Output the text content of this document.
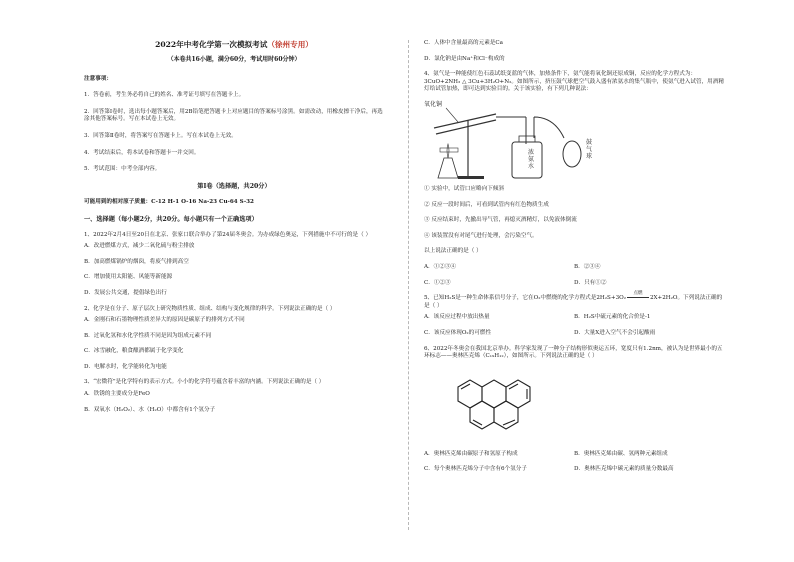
2022年中考化学第一次模拟考试（徐州专用）
（本卷共16小题，满分60分，考试用时60分钟）
注意事项：
1．答卷前，考生务必将自己的姓名、准考证号填写在答题卡上。
2．回答第Ⅰ卷时，选出每小题答案后，用2B铅笔把答题卡上对应题目的答案标号涂黑。如需改动，用橡皮擦干净后，再选涂其他答案标号。写在本试卷上无效。
3．回答第Ⅱ卷时，将答案写在答题卡上。写在本试卷上无效。
4．考试结束后，将本试卷和答题卡一并交回。
5．考试范围：中考全部内容。
第Ⅰ卷（选择题，共20分）
可能用到的相对原子质量：C-12 H-1 O-16 Na-23 Cu-64 S-32
一、选择题（每小题2分，共20分。每小题只有一个正确选项）
1、2022年2月4日至20日在北京、张家口联合举办了第24届冬奥会。为办成绿色奥运，下列措施中不可行的是（ ）
A．改进燃煤方式，减少二氧化硫与粉尘排放
B．加高燃煤锅炉的烟囱，将废气排到高空
C．增加使用太阳能、风能等新能源
D．发展公共交通，提倡绿色出行
2、化学是在分子、原子层次上研究物质性质、组成、结构与变化规律的科学。下列说法正确的是（ ）
A．金刚石和石墨物理性质差异大的原因是碳原子的排列方式不同
B．过氧化氢和水化学性质不同是因为组成元素不同
C．冰雪融化，粮食酿酒都属于化学变化
D．电解水时，化学能转化为电能
3、“宏微符”是化学特有的表示方式。小小的化学符号蕴含着丰富的内涵。下列说法正确的是（ ）
A．铁锈的主要成分是FeO
B．双氧水（H₂O₂）、水（H₂O）中都含有1个氢分子
C．人体中含量最高的元素是Ca
D．氯化钠是由Na⁺和Cl⁻构成的
4、氨气是一种能使红色石蕊试纸变蓝的气体，加热条件下，氨气能将氧化铜还原成铜，反应的化学方程式为：3CuO+2NH₃ △ 3Cu+3H₂O+N₂。如图所示，挤压鼓气球把空气鼓入盛有浓氨水的集气瓶中，使氨气进入试管，用酒精灯给试管加热，即可达到实验目的。关于该实验，有下列几种说法：
氧化铜
浓氨水
鼓气球
① 实验中，试管口应略向下倾斜
② 反应一段时间后，可看到试管内有红色物质生成
③ 反应结束时，先撤出导气管，再熄灭酒精灯，以免液体倒流
④ 该装置没有对尾气进行处理，会污染空气。
以上说法正确的是（ ）
A．①②③④	B．②③④
C．①②③	D．只有①②
5、已知H₂S是一种生命体系信号分子，它在O₂中燃烧的化学方程式是2H₂S+3O₂
点燃
2X+2H₂O。下列说法正确的是（ ）
A．该反应过程中放出热量	B．H₂S中硫元素的化合价是-1
C．该反应体现O₂的可燃性	D．大量X进入空气不会引起酸雨
6、2022年冬奥会在我国北京举办。科学家发现了一种分子结构形似奥运五环，宽度只有1.2nm，被认为是世界最小的五环标志——奥林匹克烯（C₁₉H₁₂），如图所示。下列说法正确的是（ ）
A．奥林匹克烯由碳原子和氢原子构成	B．奥林匹克烯由碳、氢两种元素组成
C．每个奥林匹克烯分子中含有6个氢分子	D．奥林匹克烯中碳元素的质量分数最高
